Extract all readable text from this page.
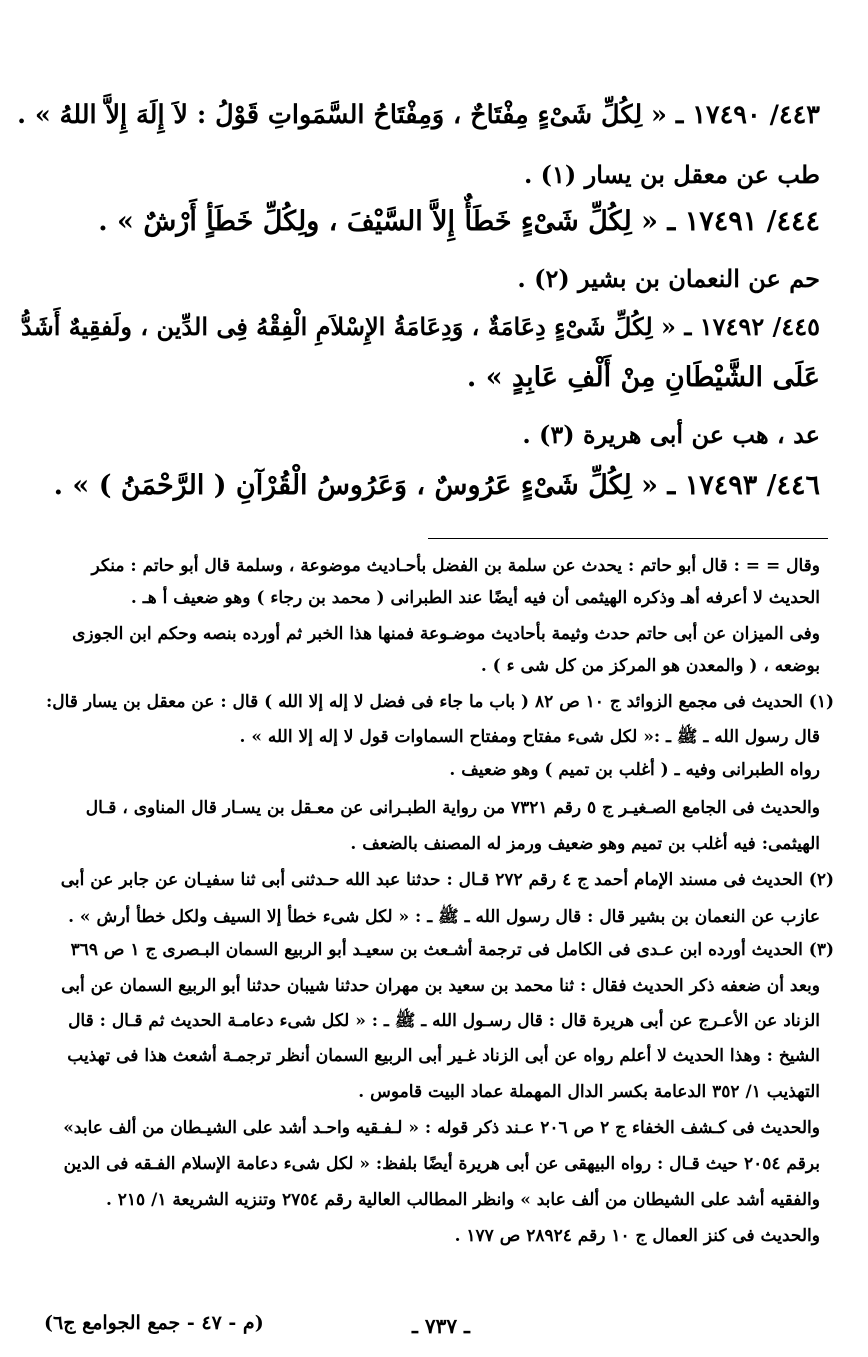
٤٤٣/ ١٧٤٩٠ ـ « لِكُلِّ شَىْءٍ مِفْتَاحٌ ، وَمِفْتَاحُ السَّمَواتِ قَوْلُ : لاَ إِلَهَ إِلاَّ اللهُ » .
طب عن معقل بن يسار (١) .
٤٤٤/ ١٧٤٩١ ـ « لِكُلِّ شَىْءٍ خَطَأٌ إِلاَّ السَّيْفَ ، ولِكُلِّ خَطَأٍ أَرْشٌ » .
حم عن النعمان بن بشير (٢) .
٤٤٥/ ١٧٤٩٢ ـ « لِكُلِّ شَىْءٍ دِعَامَةٌ ، وَدِعَامَةُ الإِسْلاَمِ الْفِقْهُ فِى الدِّين ، ولَفقِيهٌ أَشَدُّ
عَلَى الشَّيْطَانِ مِنْ أَلْفِ عَابِدٍ » .
عد ، هب عن أبى هريرة (٣) .
٤٤٦/ ١٧٤٩٣ ـ « لِكُلِّ شَىْءٍ عَرُوسٌ ، وَعَرُوسُ الْقُرْآنِ ( الرَّحْمَنُ ) » .
وقال = = : قال أبو حاتم : يحدث عن سلمة بن الفضل بأحـاديث موضوعة ، وسلمة قال أبو حاتم : منكر
الحديث لا أعرفه أهـ وذكره الهيثمى أن فيه أيضًا عند الطبرانى ( محمد بن رجاء ) وهو ضعيف أ هـ .
وفى الميزان عن أبى حاتم حدث وثيمة بأحاديث موضـوعة فمنها هذا الخبر ثم أورده بنصه وحكم ابن الجوزى
بوضعه ، ( والمعدن هو المركز من كل شى ء ) .
(١) الحديث فى مجمع الزوائد ج ١٠ ص ٨٢ ( باب ما جاء فى فضل لا إله إلا الله ) قال : عن معقل بن يسار قال:
قال رسول الله ـ ﷺ ـ :« لكل شىء مفتاح ومفتاح السماوات قول لا إله إلا الله » .
رواه الطبرانى وفيه ـ ( أغلب بن تميم ) وهو ضعيف .
والحديث فى الجامع الصـغيـر ج ٥ رقم ٧٣٢١ من رواية الطبـرانى عن معـقل بن يسـار قال المناوى ، قـال
الهيثمى: فيه أغلب بن تميم وهو ضعيف ورمز له المصنف بالضعف .
(٢) الحديث فى مسند الإمام أحمد ج ٤ رقم ٢٧٢ قـال : حدثنا عبد الله حـدثنى أبى ثنا سفيـان عن جابر عن أبى
عازب عن النعمان بن بشير قال : قال رسول الله ـ ﷺ ـ : « لكل شىء خطأ إلا السيف ولكل خطأ أرش » .
(٣) الحديث أورده ابن عـدى فى الكامل فى ترجمة أشـعث بن سعيـد أبو الربيع السمان البـصرى ج ١ ص ٣٦٩
وبعد أن ضعفه ذكر الحديث فقال : ثنا محمد بن سعيد بن مهران حدثنا شيبان حدثنا أبو الربيع السمان عن أبى
الزناد عن الأعـرج عن أبى هريرة قال : قال رسـول الله ـ ﷺ ـ : « لكل شىء دعامـة الحديث ثم قـال : قال
الشيخ : وهذا الحديث لا أعلم رواه عن أبى الزناد غـير أبى الربيع السمان أنظر ترجمـة أشعث هذا فى تهذيب
التهذيب ١/ ٣٥٢ الدعامة بكسر الدال المهملة عماد البيت قاموس .
والحديث فى كـشف الخفاء ج ٢ ص ٢٠٦ عـند ذكر قوله : « لـفـقيه واحـد أشد على الشيـطان من ألف عابد»
برقم ٢٠٥٤ حيث قـال : رواه البيهقى عن أبى هريرة أيضًا بلفظ: « لكل شىء دعامة الإسلام الفـقه فى الدين
والفقيه أشد على الشيطان من ألف عابد » وانظر المطالب العالية رقم ٢٧٥٤ وتنزيه الشريعة ١/ ٢١٥ .
والحديث فى كنز العمال ج ١٠ رقم ٢٨٩٢٤ ص ١٧٧ .
ـ ٧٣٧ ـ
(م - ٤٧ - جمع الجوامع ج٦)
